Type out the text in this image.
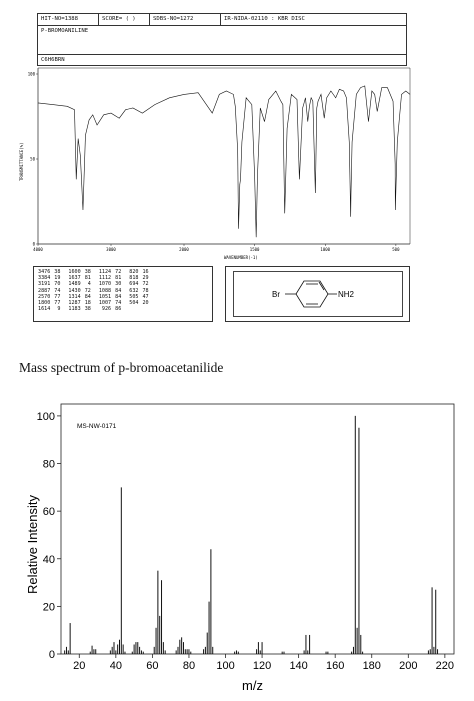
HIT-NO=1388	SCORE= ( )	SDBS-NO=1272	IR-NIDA-02110 : KBR DISC
P-BROMOANILINE
C6H6BRN
TRANSMITTANCE(%)
WAVENUMBER(-1)
100
50
0
4000	3000	2000	1500	1000	500
3476	38	1600	38	1124	72	820	16
3384	19	1637	81	1112	81	818	29
3191	70	1489	4	1070	30	694	72
2887	74	1430	72	1088	84	632	78
2570	77	1314	84	1051	84	505	47
1800	77	1287	18	1007	74	504	20
1614	9	1183	38	926	86		
Br	NH2
Mass spectrum of p-bromoacetanilide
MS-NW-0171
Relative Intensity
m/z
0
20
40
60
80
100
20 40 60 80 100 120 140 160 180 200 220
